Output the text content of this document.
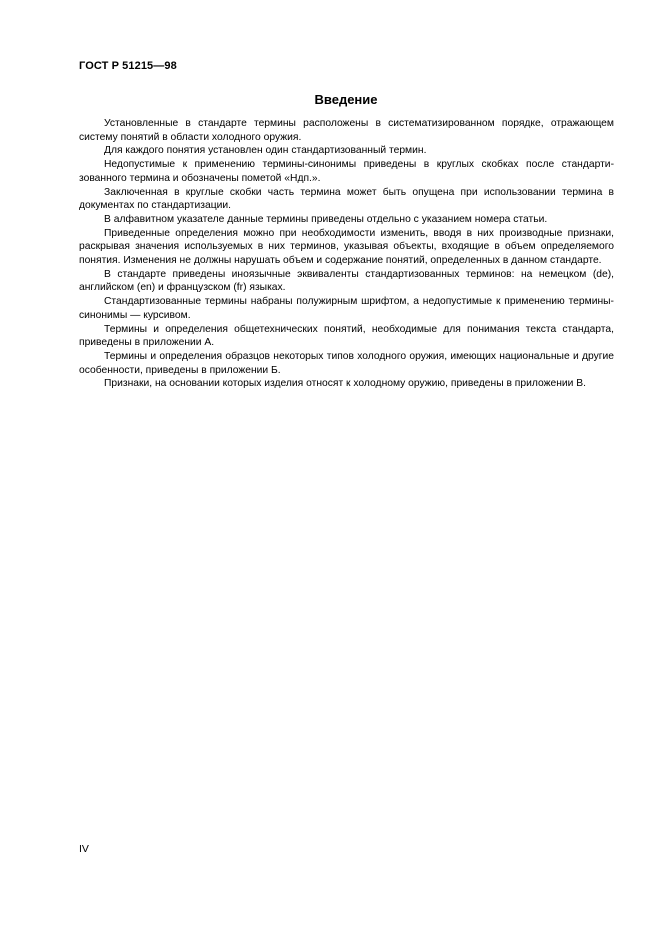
ГОСТ Р 51215—98
Введение

Установленные в стандарте термины расположены в систематизированном порядке, отражающем систему понятий в области холодного оружия.

Для каждого понятия установлен один стандартизованный термин.

Недопустимые к применению термины-синонимы приведены в круглых скобках после стандартизованного термина и обозначены пометой «Ндп.».

Заключенная в круглые скобки часть термина может быть опущена при использовании термина в документах по стандартизации.

В алфавитном указателе данные термины приведены отдельно с указанием номера статьи.

Приведенные определения можно при необходимости изменить, вводя в них производные признаки, раскрывая значения используемых в них терминов, указывая объекты, входящие в объем определяемого понятия. Изменения не должны нарушать объем и содержание понятий, определенных в данном стандарте.

В стандарте приведены иноязычные эквиваленты стандартизованных терминов: на немецком (de), английском (en) и французском (fr) языках.

Стандартизованные термины набраны полужирным шрифтом, а недопустимые к применению термины-синонимы — курсивом.

Термины и определения общетехнических понятий, необходимые для понимания текста стандарта, приведены в приложении А.

Термины и определения образцов некоторых типов холодного оружия, имеющих национальные и другие особенности, приведены в приложении Б.

Признаки, на основании которых изделия относят к холодному оружию, приведены в приложении В.

IV
